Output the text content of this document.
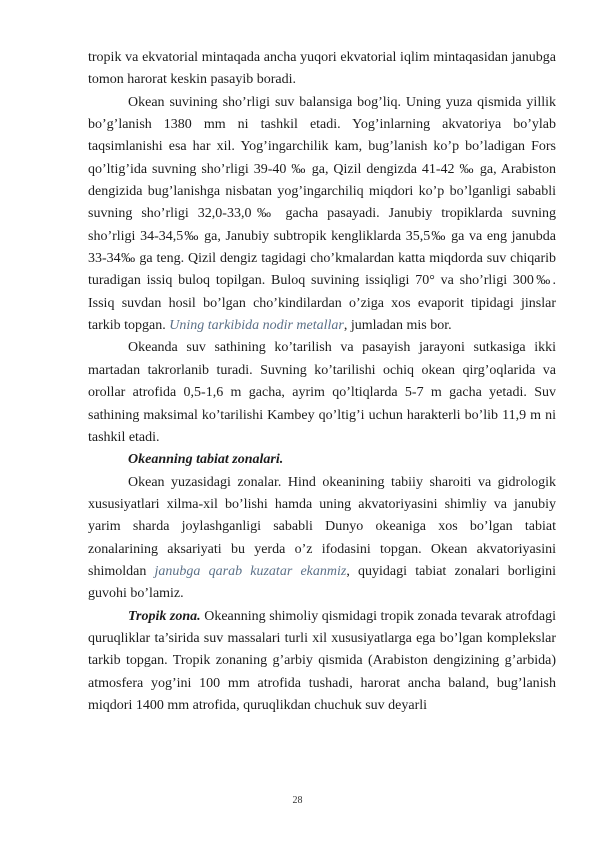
tropik va ekvatorial mintaqada ancha yuqori ekvatorial iqlim mintaqasidan janubga tomon harorat keskin pasayib boradi.

Okean suvining sho’rligi suv balansiga bog’liq. Uning yuza qismida yillik bo’g’lanish 1380 mm ni tashkil etadi. Yog’inlarning akvatoriya bo’ylab taqsimlanishi esa har xil. Yog’ingarchilik kam, bug’lanish ko’p bo’ladigan Fors qo’ltig’ida suvning sho’rligi 39-40 ‰ ga, Qizil dengizda 41-42 ‰ ga, Arabiston dengizida bug’lanishga nisbatan yog’ingarchiliq miqdori ko’p bo’lganligi sababli suvning sho’rligi 32,0-33,0‰ gacha pasayadi. Janubiy tropiklarda suvning sho’rligi 34-34,5‰ ga, Janubiy subtropik kengliklarda 35,5‰ ga va eng janubda 33-34‰ ga teng. Qizil dengiz tagidagi cho’kmalardan katta miqdorda suv chiqarib turadigan issiq buloq topilgan. Buloq suvining issiqligi 70° va sho’rligi 300‰. Issiq suvdan hosil bo’lgan cho’kindilardan o’ziga xos evaporit tipidagi jinslar tarkib topgan. Uning tarkibida nodir metallar, jumladan mis bor.

Okeanda suv sathining ko’tarilish va pasayish jarayoni sutkasiga ikki martadan takrorlanib turadi. Suvning ko’tarilishi ochiq okean qirg’oqlarida va orollar atrofida 0,5-1,6 m gacha, ayrim qo’ltiqlarda 5-7 m gacha yetadi. Suv sathining maksimal ko’tarilishi Kambey qo’ltig’i uchun harakterli bo’lib 11,9 m ni tashkil etadi.

Okeanning tabiat zonalari.

Okean yuzasidagi zonalar. Hind okeanining tabiiy sharoiti va gidrologik xususiyatlari xilma-xil bo’lishi hamda uning akvatoriyasini shimliy va janubiy yarim sharda joylashganligi sababli Dunyo okeaniga xos bo’lgan tabiat zonalarining aksariyati bu yerda o’z ifodasini topgan. Okean akvatoriyasini shimoldan janubga qarab kuzatar ekanmiz, quyidagi tabiat zonalari borligini guvohi bo’lamiz.

Tropik zona. Okeanning shimoliy qismidagi tropik zonada tevarak atrofdagi quruqliklar ta’sirida suv massalari turli xil xususiyatlarga ega bo’lgan komplekslar tarkib topgan. Tropik zonaning g’arbiy qismida (Arabiston dengizining g’arbida) atmosfera yog’ini 100 mm atrofida tushadi, harorat ancha baland, bug’lanish miqdori 1400 mm atrofida, quruqlikdan chuchuk suv deyarli

28
